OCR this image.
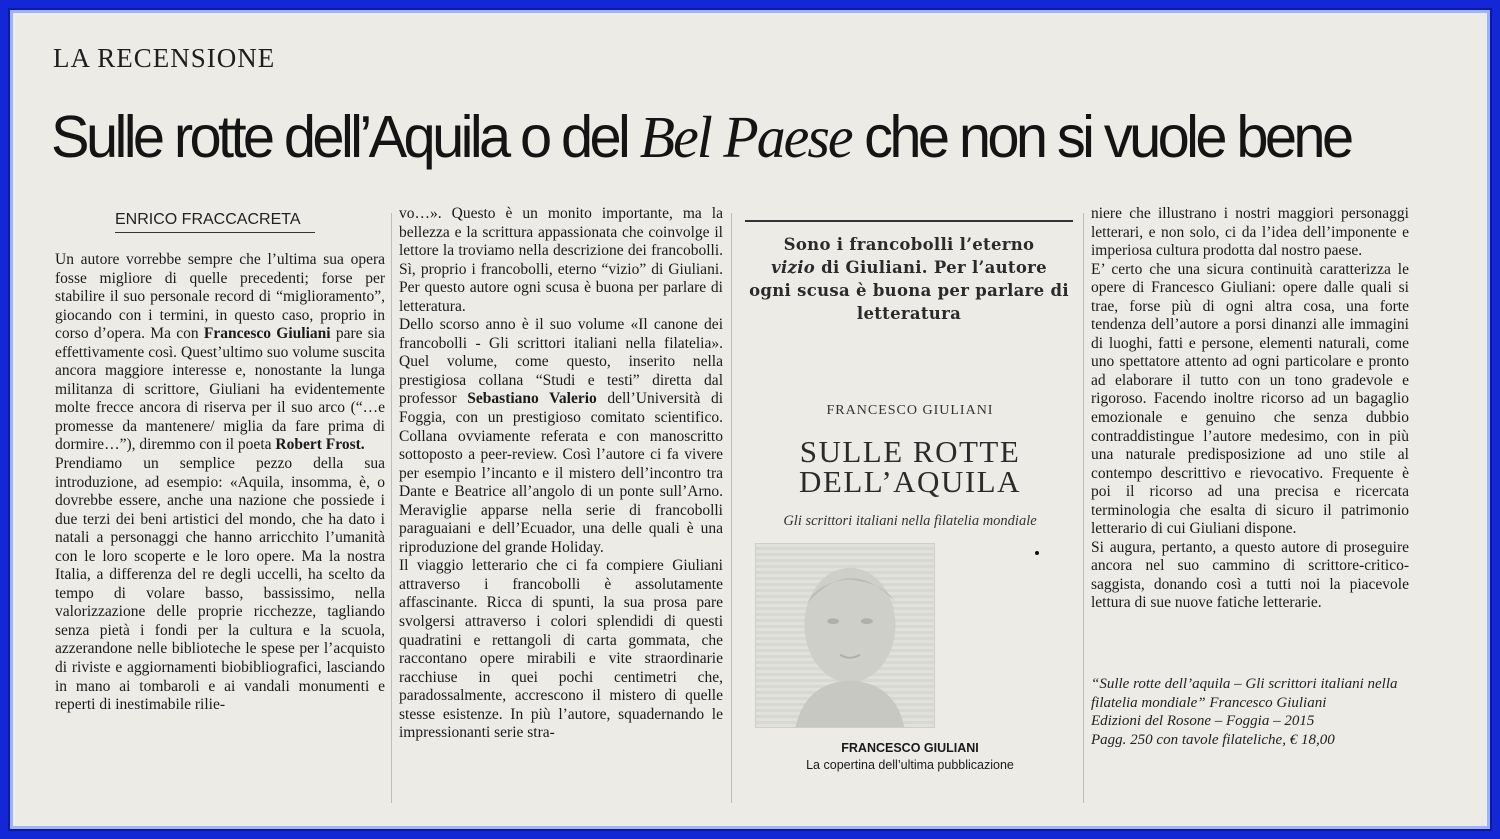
LA RECENSIONE
Sulle rotte dell’Aquila o del Bel Paese che non si vuole bene
ENRICO FRACCACRETA

Un autore vorrebbe sempre che l’ultima sua opera fosse migliore di quelle precedenti; forse per stabilire il suo personale record di “miglioramento”, giocando con i termini, in questo caso, proprio in corso d’opera. Ma con Francesco Giuliani pare sia effettivamente così. Quest’ultimo suo volume suscita ancora maggiore interesse e, nonostante la lunga militanza di scrittore, Giuliani ha evidentemente molte frecce ancora di riserva per il suo arco (“…e promesse da mantenere/ miglia da fare prima di dormire…”), diremmo con il poeta Robert Frost.

Prendiamo un semplice pezzo della sua introduzione, ad esempio: «Aquila, insomma, è, o dovrebbe essere, anche una nazione che possiede i due terzi dei beni artistici del mondo, che ha dato i natali a personaggi che hanno arricchito l’umanità con le loro scoperte e le loro opere. Ma la nostra Italia, a differenza del re degli uccelli, ha scelto da tempo di volare basso, bassissimo, nella valorizzazione delle proprie ricchezze, tagliando senza pietà i fondi per la cultura e la scuola, azzerandone nelle biblioteche le spese per l’acquisto di riviste e aggiornamenti biobibliografici, lasciando in mano ai tombaroli e ai vandali monumenti e reperti di inestimabile rilie-

vo…». Questo è un monito importante, ma la bellezza e la scrittura appassionata che coinvolge il lettore la troviamo nella descrizione dei francobolli. Sì, proprio i francobolli, eterno “vizio” di Giuliani. Per questo autore ogni scusa è buona per parlare di letteratura.

Dello scorso anno è il suo volume «Il canone dei francobolli - Gli scrittori italiani nella filatelia». Quel volume, come questo, inserito nella prestigiosa collana “Studi e testi” diretta dal professor Sebastiano Valerio dell’Università di Foggia, con un prestigioso comitato scientifico. Collana ovviamente referata e con manoscritto sottoposto a peer-review. Così l’autore ci fa vivere per esempio l’incanto e il mistero dell’incontro tra Dante e Beatrice all’angolo di un ponte sull’Arno. Meraviglie apparse nella serie di francobolli paraguaiani e dell’Ecuador, una delle quali è una riproduzione del grande Holiday.

Il viaggio letterario che ci fa compiere Giuliani attraverso i francobolli è assolutamente affascinante. Ricca di spunti, la sua prosa pare svolgersi attraverso i colori splendidi di questi quadratini e rettangoli di carta gommata, che raccontano opere mirabili e vite straordinarie racchiuse in quei pochi centimetri che, paradossalmente, accrescono il mistero di quelle stesse esistenze. In più l’autore, squadernando le impressionanti serie stra-

Sono i francobolli l’eterno
vizio di Giuliani. Per l’autore ogni scusa è buona per parlare di letteratura
FRANCESCO GIULIANI
SULLE ROTTE
DELL’AQUILA
Gli scrittori italiani nella filatelia mondiale
FRANCESCO GIULIANI
La copertina dell’ultima pubblicazione

niere che illustrano i nostri maggiori personaggi letterari, e non solo, ci da l’idea dell’imponente e imperiosa cultura prodotta dal nostro paese.

E’ certo che una sicura continuità caratterizza le opere di Francesco Giuliani: opere dalle quali si trae, forse più di ogni altra cosa, una forte tendenza dell’autore a porsi dinanzi alle immagini di luoghi, fatti e persone, elementi naturali, come uno spettatore attento ad ogni particolare e pronto ad elaborare il tutto con un tono gradevole e rigoroso. Facendo inoltre ricorso ad un bagaglio emozionale e genuino che senza dubbio contraddistingue l’autore medesimo, con in più una naturale predisposizione ad uno stile al contempo descrittivo e rievocativo. Frequente è poi il ricorso ad una precisa e ricercata terminologia che esalta di sicuro il patrimonio letterario di cui Giuliani dispone.

Si augura, pertanto, a questo autore di proseguire ancora nel suo cammino di scrittore-critico-saggista, donando così a tutti noi la piacevole lettura di sue nuove fatiche letterarie.

“Sulle rotte dell’aquila – Gli scrittori italiani nella filatelia mondiale” Francesco Giuliani
Edizioni del Rosone – Foggia – 2015
Pagg. 250 con tavole filateliche, € 18,00
